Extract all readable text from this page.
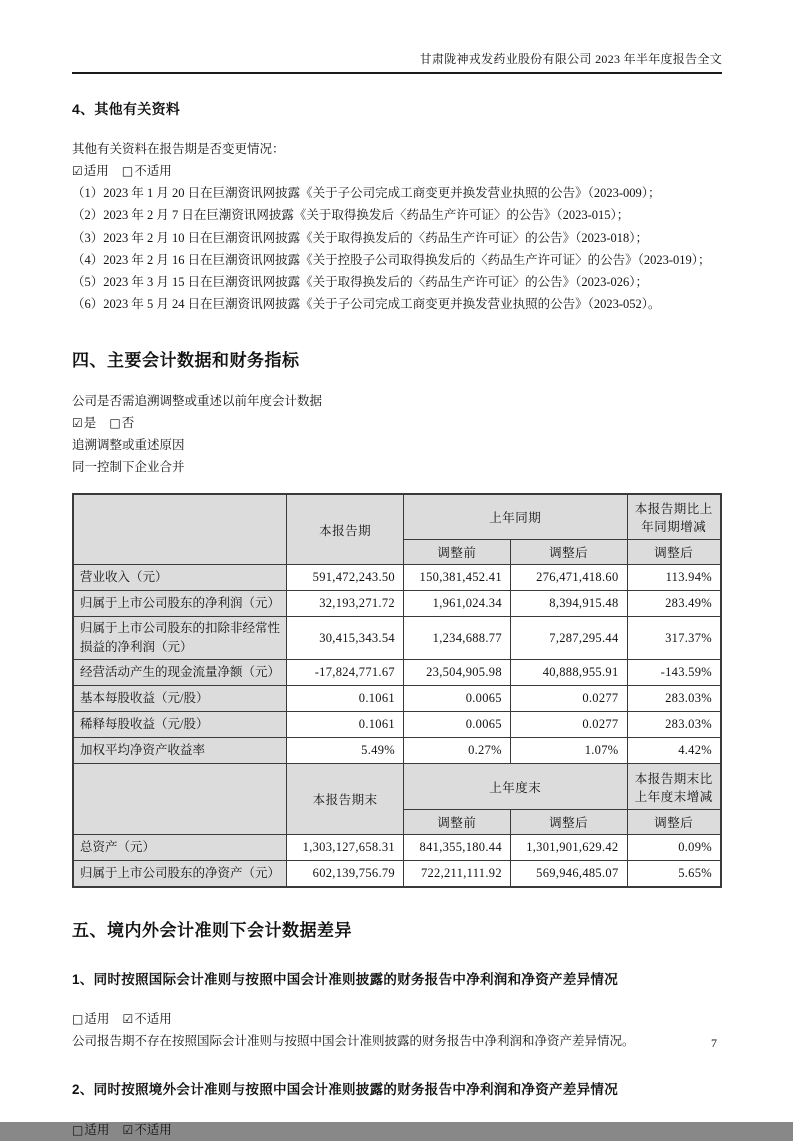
甘肃陇神戎发药业股份有限公司 2023 年半年度报告全文
4、其他有关资料

其他有关资料在报告期是否变更情况：

☑适用 □不适用

（1）2023 年 1 月 20 日在巨潮资讯网披露《关于子公司完成工商变更并换发营业执照的公告》（2023-009）；

（2）2023 年 2 月 7 日在巨潮资讯网披露《关于取得换发后〈药品生产许可证〉的公告》（2023-015）；

（3）2023 年 2 月 10 日在巨潮资讯网披露《关于取得换发后的〈药品生产许可证〉的公告》（2023-018）；

（4）2023 年 2 月 16 日在巨潮资讯网披露《关于控股子公司取得换发后的〈药品生产许可证〉的公告》（2023-019）；

（5）2023 年 3 月 15 日在巨潮资讯网披露《关于取得换发后的〈药品生产许可证〉的公告》（2023-026）；

（6）2023 年 5 月 24 日在巨潮资讯网披露《关于子公司完成工商变更并换发营业执照的公告》（2023-052）。

四、主要会计数据和财务指标

公司是否需追溯调整或重述以前年度会计数据

☑是 □否

追溯调整或重述原因

同一控制下企业合并

	本报告期	上年同期		本报告期比上年同期增减
		调整前	调整后	调整后
营业收入（元）	591,472,243.50	150,381,452.41	276,471,418.60	113.94%
归属于上市公司股东的净利润（元）	32,193,271.72	1,961,024.34	8,394,915.48	283.49%
归属于上市公司股东的扣除非经常性损益的净利润（元）	30,415,343.54	1,234,688.77	7,287,295.44	317.37%
经营活动产生的现金流量净额（元）	-17,824,771.67	23,504,905.98	40,888,955.91	-143.59%
基本每股收益（元/股）	0.1061	0.0065	0.0277	283.03%
稀释每股收益（元/股）	0.1061	0.0065	0.0277	283.03%
加权平均净资产收益率	5.49%	0.27%	1.07%	4.42%
	本报告期末	上年度末		本报告期末比上年度末增减
		调整前	调整后	调整后
总资产（元）	1,303,127,658.31	841,355,180.44	1,301,901,629.42	0.09%
归属于上市公司股东的净资产（元）	602,139,756.79	722,211,111.92	569,946,485.07	5.65%
五、境内外会计准则下会计数据差异
1、同时按照国际会计准则与按照中国会计准则披露的财务报告中净利润和净资产差异情况

□适用 ☑不适用

公司报告期不存在按照国际会计准则与按照中国会计准则披露的财务报告中净利润和净资产差异情况。

2、同时按照境外会计准则与按照中国会计准则披露的财务报告中净利润和净资产差异情况

□适用 ☑不适用

7
